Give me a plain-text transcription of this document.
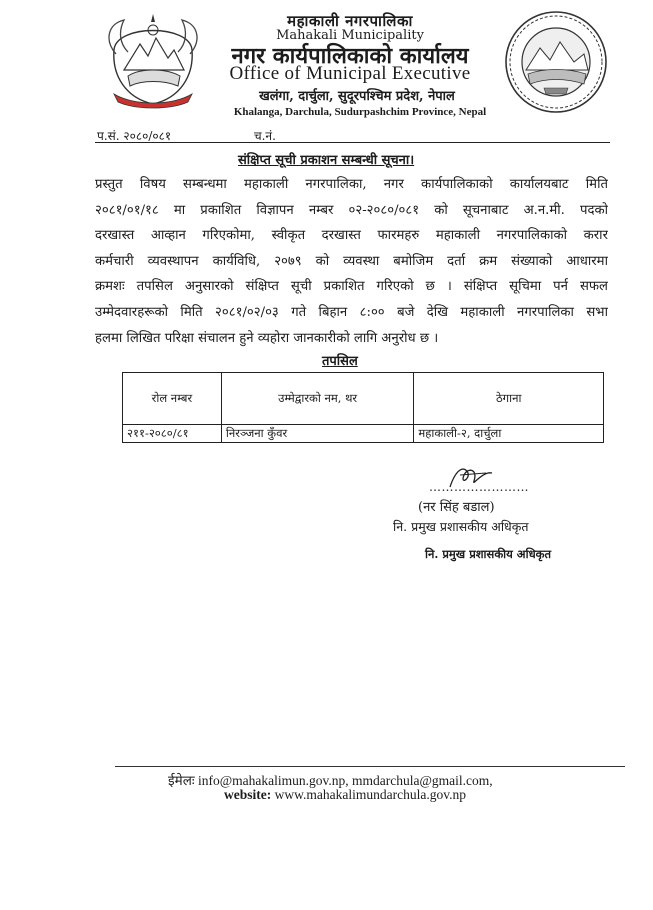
महाकाली नगरपालिका
Mahakali Municipality
नगर कार्यपालिकाको कार्यालय
Office of Municipal Executive
खलंगा, दार्चुला, सुदूरपश्चिम प्रदेश, नेपाल
Khalanga, Darchula, Sudurpashchim Province, Nepal
प.सं. २०८०/०८१	च.नं.
संक्षिप्त सूची प्रकाशन सम्बन्धी सूचना।
प्रस्तुत विषय सम्बन्धमा महाकाली नगरपालिका, नगर कार्यपालिकाको कार्यालयबाट मिति
२०८१/०१/१८ मा प्रकाशित विज्ञापन नम्बर ०२-२०८०/०८१ को सूचनाबाट अ.न.मी. पदको
दरखास्त आव्हान गरिएकोमा, स्वीकृत दरखास्त फारमहरु महाकाली नगरपालिकाको करार
कर्मचारी व्यवस्थापन कार्यविधि, २०७९ को व्यवस्था बमोजिम दर्ता क्रम संख्याको आधारमा
क्रमशः तपसिल अनुसारको संक्षिप्त सूची प्रकाशित गरिएको छ । संक्षिप्त सूचिमा पर्न सफल
उम्मेदवारहरूको मिति २०८१/०२/०३ गते बिहान ८:०० बजे देखि महाकाली नगरपालिका सभा
हलमा लिखित परिक्षा संचालन हुने व्यहोरा जानकारीको लागि अनुरोध छ ।
तपसिल
रोल नम्बर	उम्मेद्वारको नम, थर	ठेगाना
२११-२०८०/८१	निरञ्जना कुँवर	महाकाली-२, दार्चुला
……………………
(नर सिंह बडाल)
नि. प्रमुख प्रशासकीय अधिकृत
नि. प्रमुख प्रशासकीय अधिकृत
ईमेलः info@mahakalimun.gov.np, mmdarchula@gmail.com,
website: www.mahakalimundarchula.gov.np
